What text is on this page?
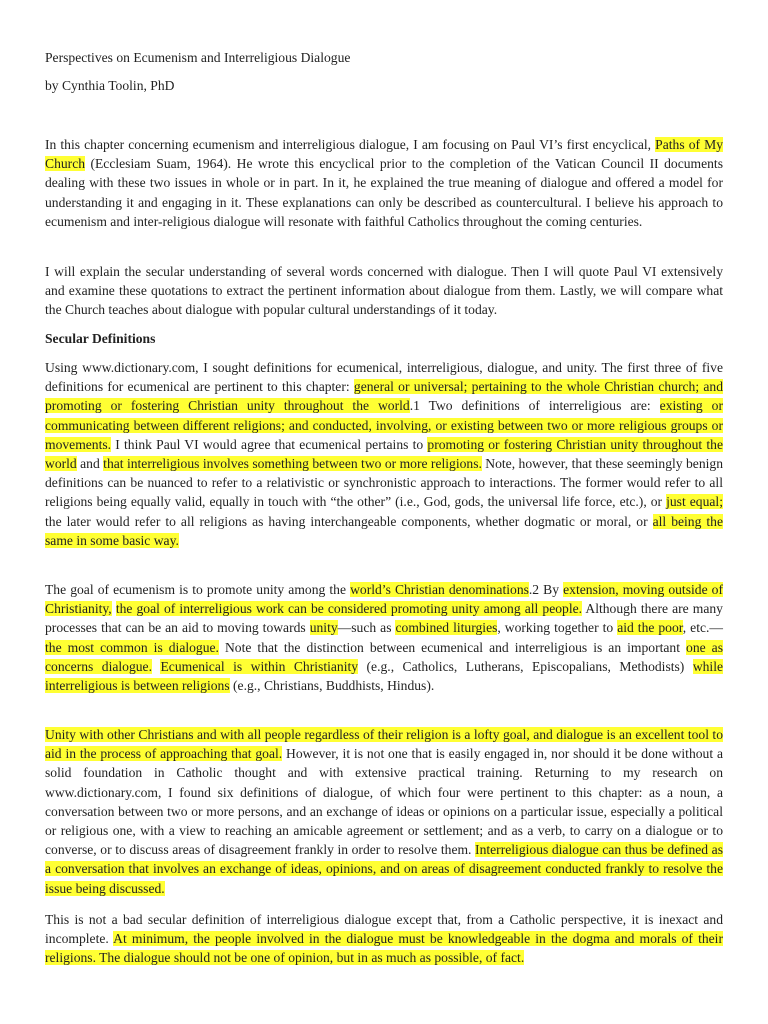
Perspectives on Ecumenism and Interreligious Dialogue
by Cynthia Toolin, PhD
In this chapter concerning ecumenism and interreligious dialogue, I am focusing on Paul VI’s first encyclical, Paths of My Church (Ecclesiam Suam, 1964). He wrote this encyclical prior to the completion of the Vatican Council II documents dealing with these two issues in whole or in part. In it, he explained the true meaning of dialogue and offered a model for understanding it and engaging in it. These explanations can only be described as countercultural. I believe his approach to ecumenism and inter-religious dialogue will resonate with faithful Catholics throughout the coming centuries.
I will explain the secular understanding of several words concerned with dialogue. Then I will quote Paul VI extensively and examine these quotations to extract the pertinent information about dialogue from them. Lastly, we will compare what the Church teaches about dialogue with popular cultural understandings of it today.
Secular Definitions
Using www.dictionary.com, I sought definitions for ecumenical, interreligious, dialogue, and unity. The first three of five definitions for ecumenical are pertinent to this chapter: general or universal; pertaining to the whole Christian church; and promoting or fostering Christian unity throughout the world.1 Two definitions of interreligious are: existing or communicating between different religions; and conducted, involving, or existing between two or more religious groups or movements. I think Paul VI would agree that ecumenical pertains to promoting or fostering Christian unity throughout the world and that interreligious involves something between two or more religions. Note, however, that these seemingly benign definitions can be nuanced to refer to a relativistic or synchronistic approach to interactions. The former would refer to all religions being equally valid, equally in touch with “the other” (i.e., God, gods, the universal life force, etc.), or just equal; the later would refer to all religions as having interchangeable components, whether dogmatic or moral, or all being the same in some basic way.
The goal of ecumenism is to promote unity among the world’s Christian denominations.2 By extension, moving outside of Christianity, the goal of interreligious work can be considered promoting unity among all people. Although there are many processes that can be an aid to moving towards unity—such as combined liturgies, working together to aid the poor, etc.— the most common is dialogue. Note that the distinction between ecumenical and interreligious is an important one as concerns dialogue. Ecumenical is within Christianity (e.g., Catholics, Lutherans, Episcopalians, Methodists) while interreligious is between religions (e.g., Christians, Buddhists, Hindus).
Unity with other Christians and with all people regardless of their religion is a lofty goal, and dialogue is an excellent tool to aid in the process of approaching that goal. However, it is not one that is easily engaged in, nor should it be done without a solid foundation in Catholic thought and with extensive practical training. Returning to my research on www.dictionary.com, I found six definitions of dialogue, of which four were pertinent to this chapter: as a noun, a conversation between two or more persons, and an exchange of ideas or opinions on a particular issue, especially a political or religious one, with a view to reaching an amicable agreement or settlement; and as a verb, to carry on a dialogue or to converse, or to discuss areas of disagreement frankly in order to resolve them. Interreligious dialogue can thus be defined as a conversation that involves an exchange of ideas, opinions, and on areas of disagreement conducted frankly to resolve the issue being discussed.
This is not a bad secular definition of interreligious dialogue except that, from a Catholic perspective, it is inexact and incomplete. At minimum, the people involved in the dialogue must be knowledgeable in the dogma and morals of their religions. The dialogue should not be one of opinion, but in as much as possible, of fact.
